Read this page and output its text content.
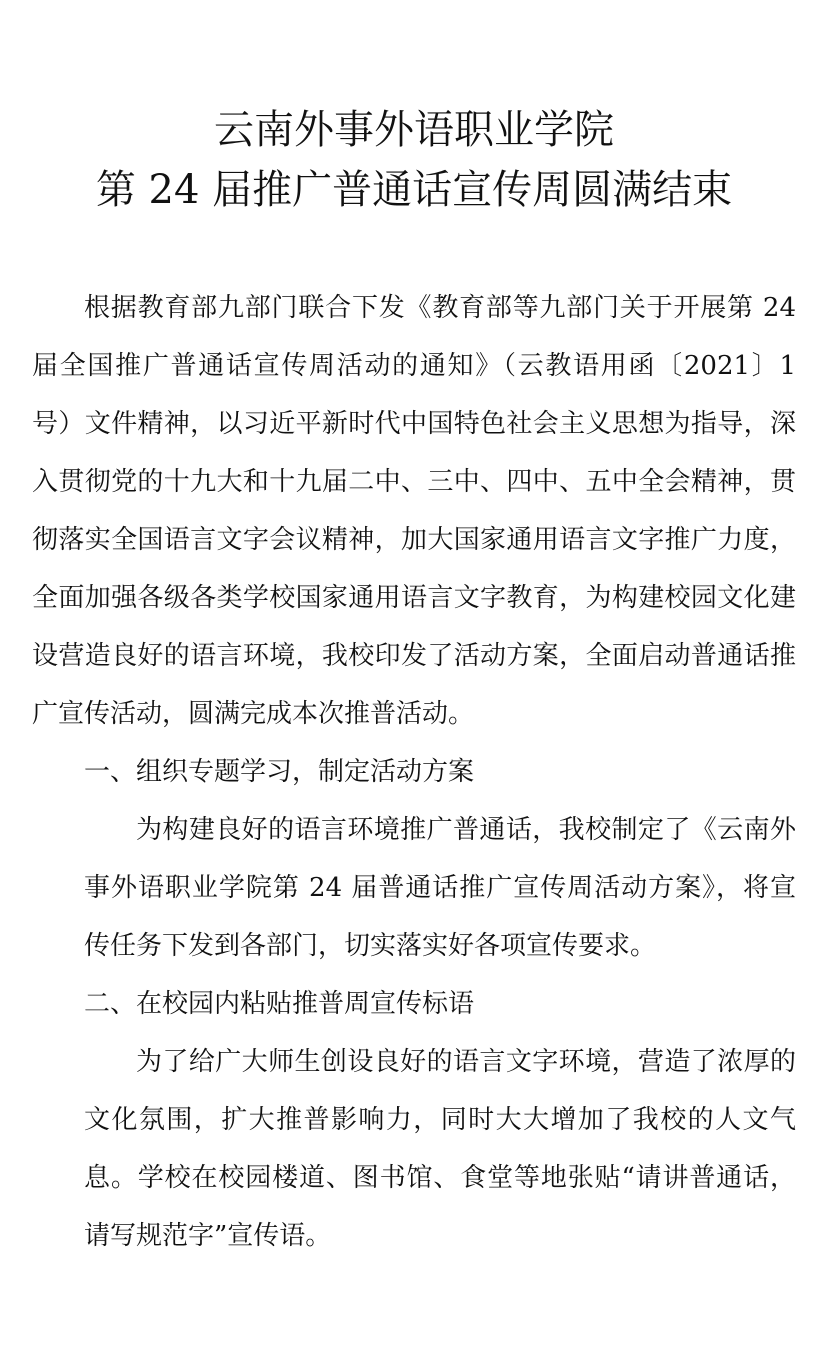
云南外事外语职业学院
第 24 届推广普通话宣传周圆满结束

根据教育部九部门联合下发《教育部等九部门关于开展第 24 届全国推广普通话宣传周活动的通知》（云教语用函〔2021〕1 号）文件精神，以习近平新时代中国特色社会主义思想为指导，深入贯彻党的十九大和十九届二中、三中、四中、五中全会精神，贯彻落实全国语言文字会议精神，加大国家通用语言文字推广力度，全面加强各级各类学校国家通用语言文字教育，为构建校园文化建设营造良好的语言环境，我校印发了活动方案，全面启动普通话推广宣传活动，圆满完成本次推普活动。

一、组织专题学习，制定活动方案

为构建良好的语言环境推广普通话，我校制定了《云南外事外语职业学院第 24 届普通话推广宣传周活动方案》，将宣传任务下发到各部门，切实落实好各项宣传要求。

二、在校园内粘贴推普周宣传标语

为了给广大师生创设良好的语言文字环境，营造了浓厚的文化氛围，扩大推普影响力，同时大大增加了我校的人文气息。学校在校园楼道、图书馆、食堂等地张贴“请讲普通话，请写规范字”宣传语。
